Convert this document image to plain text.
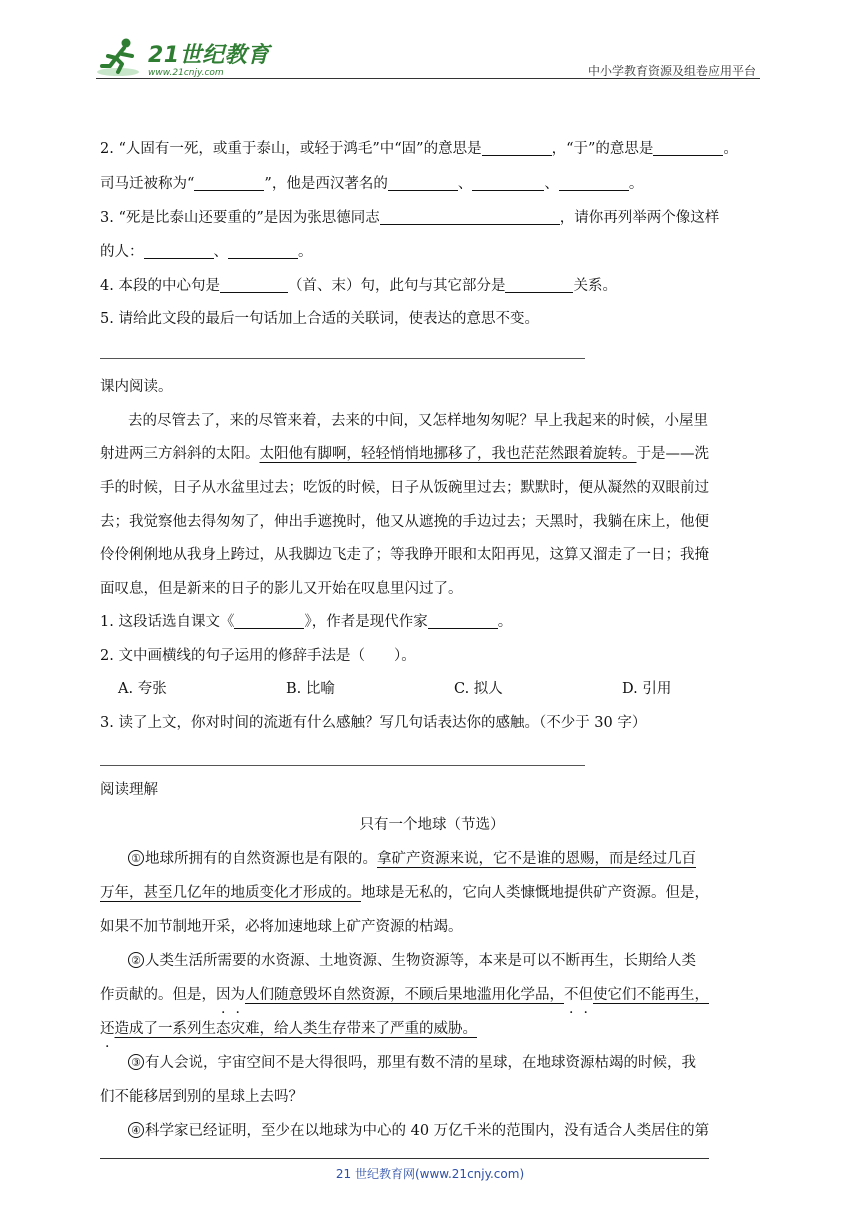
21世纪教育
www.21cnjy.com	中小学教育资源及组卷应用平台
2. “人固有一死，或重于泰山，或轻于鸿毛”中“固”的意思是	，“于”的意思是	。
司马迁被称为“	”，他是西汉著名的	、	、	。
3. “死是比泰山还要重的”是因为张思德同志	，请你再列举两个像这样
的人：	、	。
4. 本段的中心句是	（首、末）句，此句与其它部分是	关系。
5. 请给此文段的最后一句话加上合适的关联词，使表达的意思不变。
课内阅读。
去的尽管去了，来的尽管来着，去来的中间，又怎样地匆匆呢？早上我起来的时候，小屋里
射进两三方斜斜的太阳。太阳他有脚啊，轻轻悄悄地挪移了，我也茫茫然跟着旋转。于是——洗
手的时候，日子从水盆里过去；吃饭的时候，日子从饭碗里过去；默默时，便从凝然的双眼前过
去；我觉察他去得匆匆了，伸出手遮挽时，他又从遮挽的手边过去；天黑时，我躺在床上，他便
伶伶俐俐地从我身上跨过，从我脚边飞走了；等我睁开眼和太阳再见，这算又溜走了一日；我掩
面叹息，但是新来的日子的影儿又开始在叹息里闪过了。
1. 这段话选自课文《	》，作者是现代作家	。
2. 文中画横线的句子运用的修辞手法是（　　）。
A. 夸张	B. 比喻	C. 拟人	D. 引用
3. 读了上文，你对时间的流逝有什么感触？写几句话表达你的感触。（不少于 30 字）
阅读理解
只有一个地球（节选）
① 地球所拥有的自然资源也是有限的。拿矿产资源来说，它不是谁的恩赐，而是经过几百
万年，甚至几亿年的地质变化才形成的。地球是无私的，它向人类慷慨地提供矿产资源。但是，
如果不加节制地开采，必将加速地球上矿产资源的枯竭。
② 人类生活所需要的水资源、土地资源、生物资源等，本来是可以不断再生，长期给人类
作贡献的。但是，因为人们随意毁坏自然资源，不顾后果地滥用化学品，不但使它们不能再生，
还造成了一系列生态灾难，给人类生存带来了严重的威胁。
③ 有人会说，宇宙空间不是大得很吗，那里有数不清的星球，在地球资源枯竭的时候，我
们不能移居到别的星球上去吗？
④ 科学家已经证明，至少在以地球为中心的 40 万亿千米的范围内，没有适合人类居住的第
21 世纪教育网(www.21cnjy.com)
